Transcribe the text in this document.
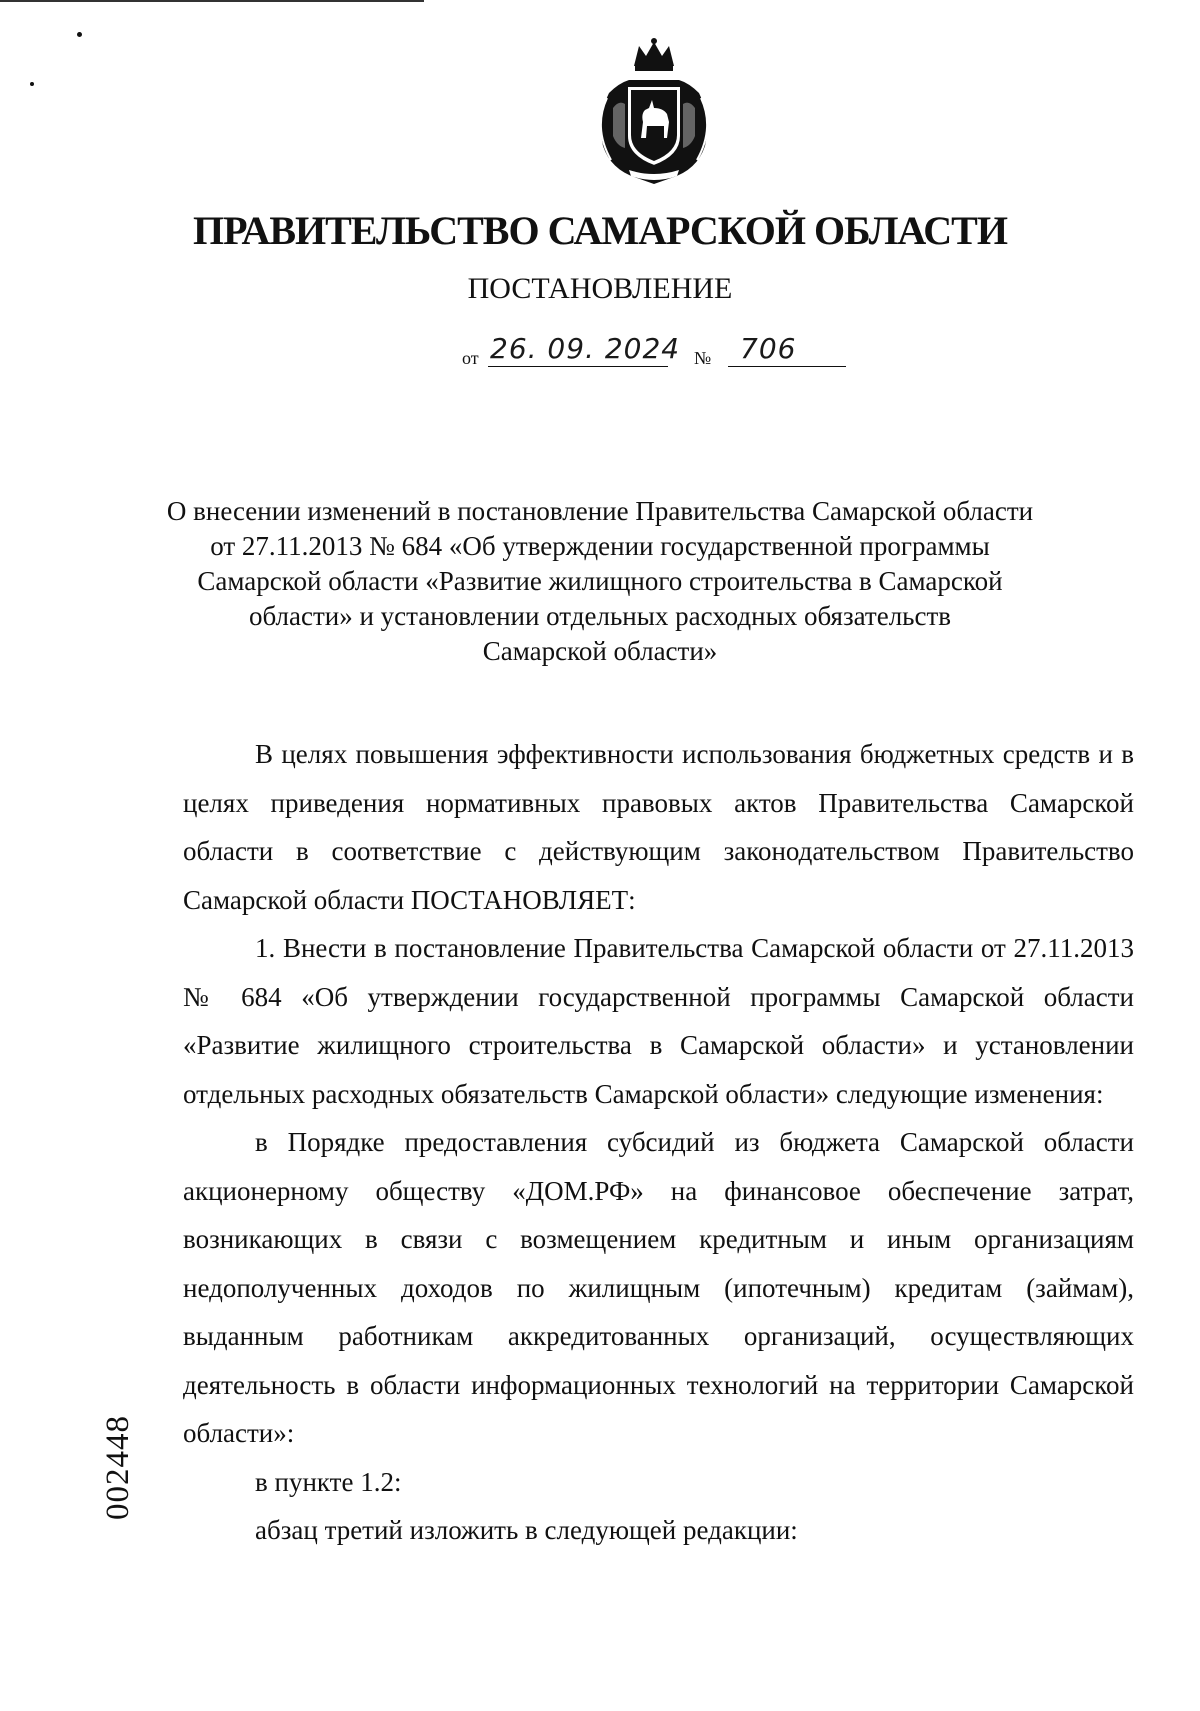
ПРАВИТЕЛЬСТВО САМАРСКОЙ ОБЛАСТИ
ПОСТАНОВЛЕНИЕ
от 26. 09. 2024 № 706
О внесении изменений в постановление Правительства Самарской области
от 27.11.2013 № 684 «Об утверждении государственной программы
Самарской области «Развитие жилищного строительства в Самарской
области» и установлении отдельных расходных обязательств
Самарской области»

В целях повышения эффективности использования бюджетных средств и в целях приведения нормативных правовых актов Правительства Самарской области в соответствие с действующим законодательством Правительство Самарской области ПОСТАНОВЛЯЕТ:

1. Внести в постановление Правительства Самарской области от 27.11.2013 № 684 «Об утверждении государственной программы Самарской области «Развитие жилищного строительства в Самарской области» и установлении отдельных расходных обязательств Самарской области» следующие изменения:

в Порядке предоставления субсидий из бюджета Самарской области акционерному обществу «ДОМ.РФ» на финансовое обеспечение затрат, возникающих в связи с возмещением кредитным и иным организациям недополученных доходов по жилищным (ипотечным) кредитам (займам), выданным работникам аккредитованных организаций, осуществляющих деятельность в области информационных технологий на территории Самарской области»:

в пункте 1.2:

абзац третий изложить в следующей редакции:

002448
